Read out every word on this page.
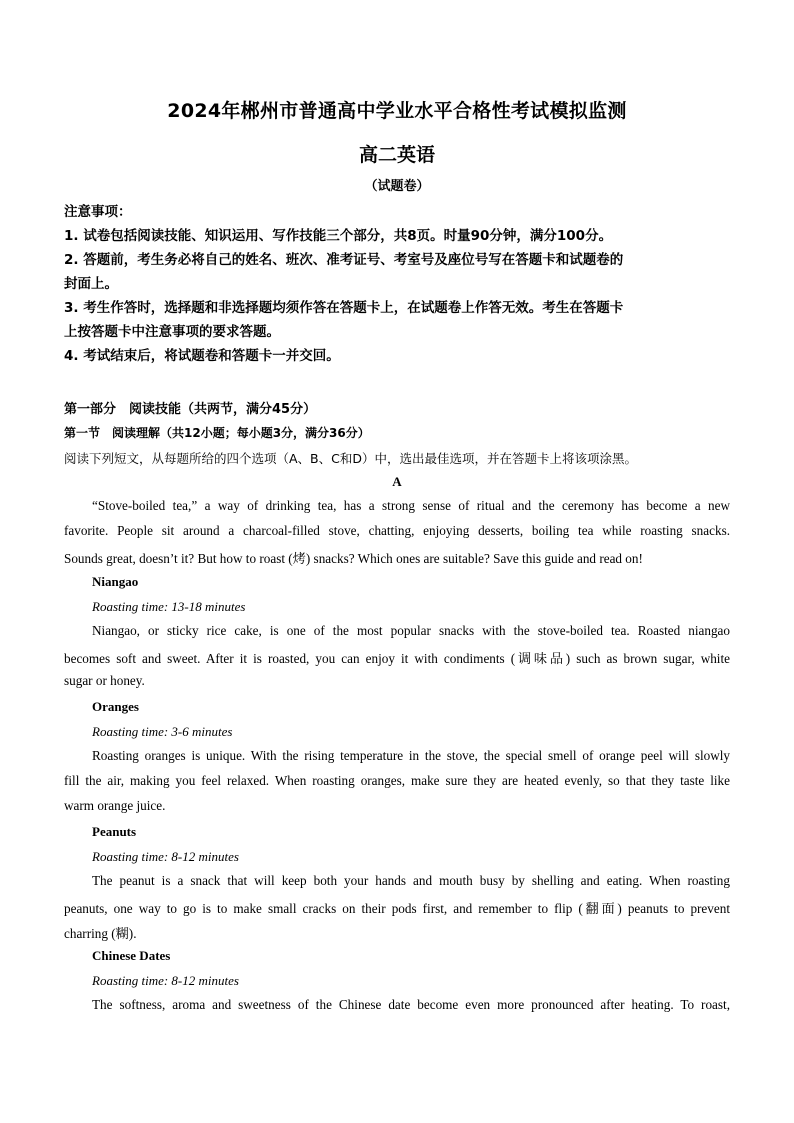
2024年郴州市普通高中学业水平合格性考试模拟监测
高二英语
（试题卷）
注意事项：
1. 试卷包括阅读技能、知识运用、写作技能三个部分，共8页。时量90分钟，满分100分。
2. 答题前，考生务必将自己的姓名、班次、准考证号、考室号及座位号写在答题卡和试题卷的
封面上。
3. 考生作答时，选择题和非选择题均须作答在答题卡上，在试题卷上作答无效。考生在答题卡
上按答题卡中注意事项的要求答题。
4. 考试结束后，将试题卷和答题卡一并交回。
第一部分　阅读技能（共两节，满分45分）
第一节　阅读理解（共12小题；每小题3分，满分36分）
阅读下列短文，从每题所给的四个选项（A、B、C和D）中，选出最佳选项，并在答题卡上将该项涂黑。
A
“Stove-boiled tea,” a way of drinking tea, has a strong sense of ritual and the ceremony has become a new
favorite. People sit around a charcoal-filled stove, chatting, enjoying desserts, boiling tea while roasting snacks.
Sounds great, doesn’t it? But how to roast (烤) snacks? Which ones are suitable? Save this guide and read on!
Niangao
Roasting time: 13-18 minutes
Niangao, or sticky rice cake, is one of the most popular snacks with the stove-boiled tea. Roasted niangao
becomes soft and sweet. After it is roasted, you can enjoy it with condiments (调味品) such as brown sugar, white
sugar or honey.
Oranges
Roasting time: 3-6 minutes
Roasting oranges is unique. With the rising temperature in the stove, the special smell of orange peel will slowly
fill the air, making you feel relaxed. When roasting oranges, make sure they are heated evenly, so that they taste like
warm orange juice.
Peanuts
Roasting time: 8-12 minutes
The peanut is a snack that will keep both your hands and mouth busy by shelling and eating. When roasting
peanuts, one way to go is to make small cracks on their pods first, and remember to flip (翻面) peanuts to prevent
charring (糊).
Chinese Dates
Roasting time: 8-12 minutes
The softness, aroma and sweetness of the Chinese date become even more pronounced after heating. To roast,
